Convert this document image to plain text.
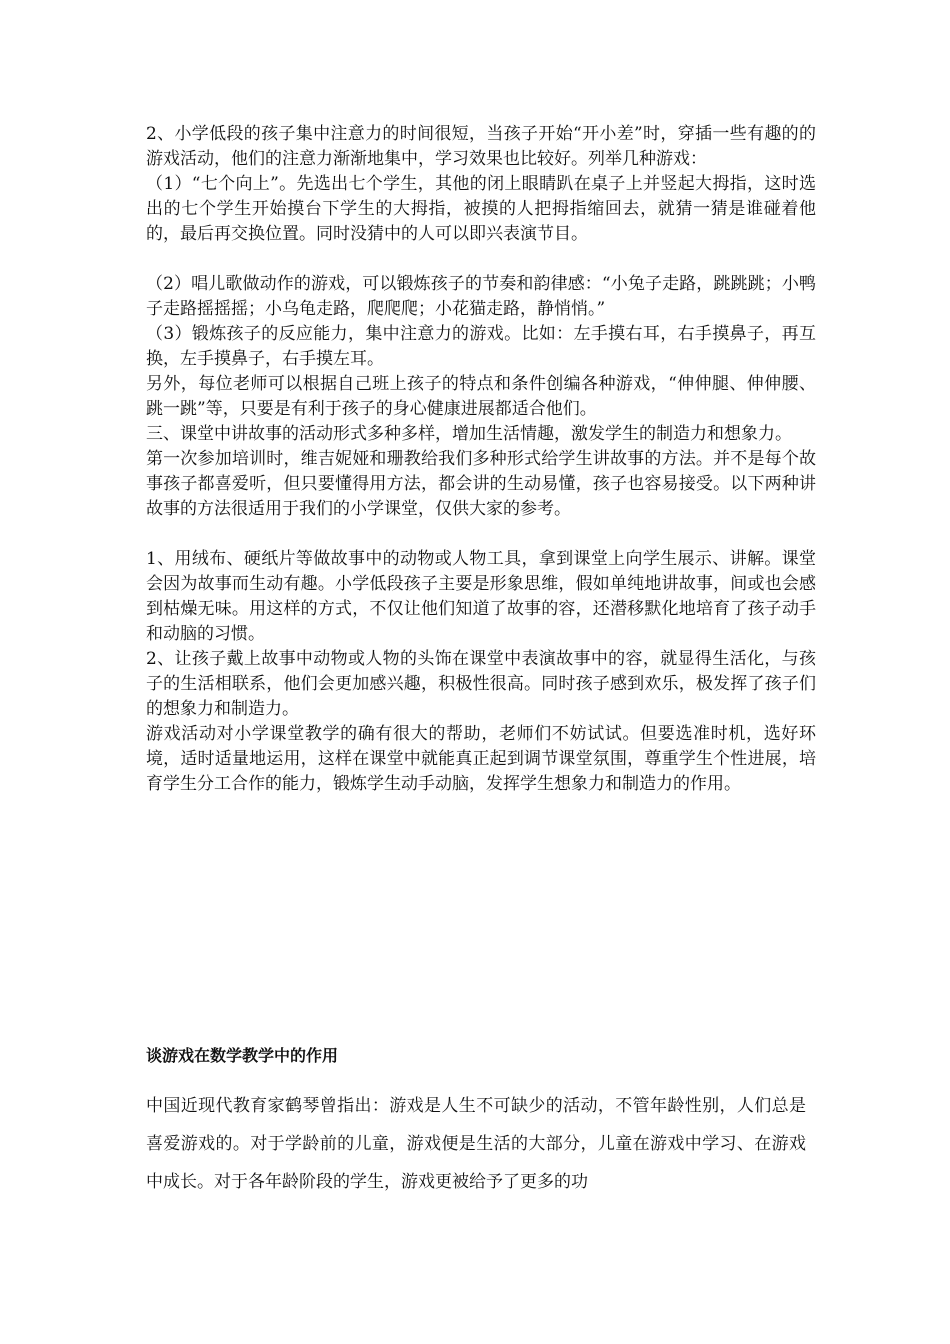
2、小学低段的孩子集中注意力的时间很短，当孩子开始“开小差”时，穿插一些有趣的的游戏活动，他们的注意力渐渐地集中，学习效果也比较好。列举几种游戏：

（1）“七个向上”。先选出七个学生，其他的闭上眼睛趴在桌子上并竖起大拇指，这时选出的七个学生开始摸台下学生的大拇指，被摸的人把拇指缩回去，就猜一猜是谁碰着他的，最后再交换位置。同时没猜中的人可以即兴表演节目。

（2）唱儿歌做动作的游戏，可以锻炼孩子的节奏和韵律感：“小兔子走路，跳跳跳；小鸭子走路摇摇摇；小乌龟走路，爬爬爬；小花猫走路，静悄悄。”

（3）锻炼孩子的反应能力，集中注意力的游戏。比如：左手摸右耳，右手摸鼻子，再互换，左手摸鼻子，右手摸左耳。

另外，每位老师可以根据自己班上孩子的特点和条件创编各种游戏，“伸伸腿、伸伸腰、跳一跳”等，只要是有利于孩子的身心健康进展都适合他们。

三、课堂中讲故事的活动形式多种多样，增加生活情趣，激发学生的制造力和想象力。

第一次参加培训时，维吉妮娅和珊教给我们多种形式给学生讲故事的方法。并不是每个故事孩子都喜爱听，但只要懂得用方法，都会讲的生动易懂，孩子也容易接受。以下两种讲故事的方法很适用于我们的小学课堂，仅供大家的参考。

1、用绒布、硬纸片等做故事中的动物或人物工具，拿到课堂上向学生展示、讲解。课堂会因为故事而生动有趣。小学低段孩子主要是形象思维，假如单纯地讲故事，间或也会感到枯燥无味。用这样的方式，不仅让他们知道了故事的容，还潜移默化地培育了孩子动手和动脑的习惯。

2、让孩子戴上故事中动物或人物的头饰在课堂中表演故事中的容，就显得生活化，与孩子的生活相联系，他们会更加感兴趣，积极性很高。同时孩子感到欢乐，极发挥了孩子们的想象力和制造力。

游戏活动对小学课堂教学的确有很大的帮助，老师们不妨试试。但要选准时机，选好环境，适时适量地运用，这样在课堂中就能真正起到调节课堂氛围，尊重学生个性进展，培育学生分工合作的能力，锻炼学生动手动脑，发挥学生想象力和制造力的作用。

谈游戏在数学教学中的作用

中国近现代教育家鹤琴曾指出：游戏是人生不可缺少的活动，不管年龄性别，人们总是喜爱游戏的。对于学龄前的儿童，游戏便是生活的大部分，儿童在游戏中学习、在游戏中成长。对于各年龄阶段的学生，游戏更被给予了更多的功
